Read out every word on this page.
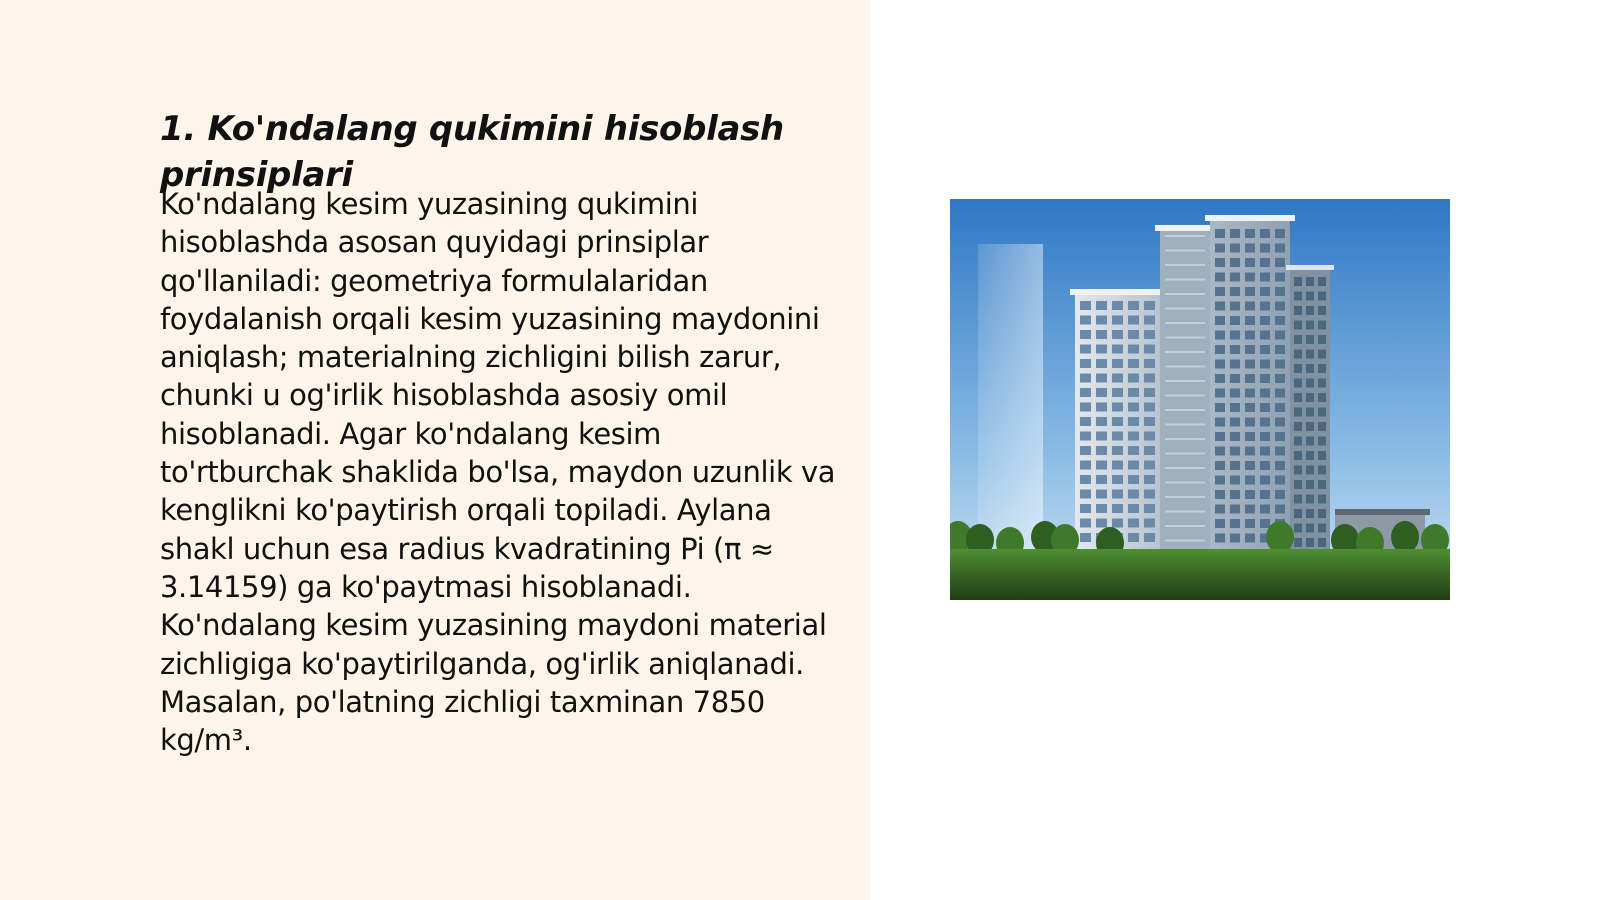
1. Ko'ndalang qukimini hisoblash prinsiplari

Ko'ndalang kesim yuzasining qukimini hisoblashda asosan quyidagi prinsiplar qo'llaniladi: geometriya formulalaridan foydalanish orqali kesim yuzasining maydonini aniqlash; materialning zichligini bilish zarur, chunki u og'irlik hisoblashda asosiy omil hisoblanadi. Agar ko'ndalang kesim to'rtburchak shaklida bo'lsa, maydon uzunlik va kenglikni ko'paytirish orqali topiladi. Aylana shakl uchun esa radius kvadratining Pi (π ≈ 3.14159) ga ko'paytmasi hisoblanadi. Ko'ndalang kesim yuzasining maydoni material zichligiga ko'paytirilganda, og'irlik aniqlanadi. Masalan, po'latning zichligi taxminan 7850 kg/m³.
